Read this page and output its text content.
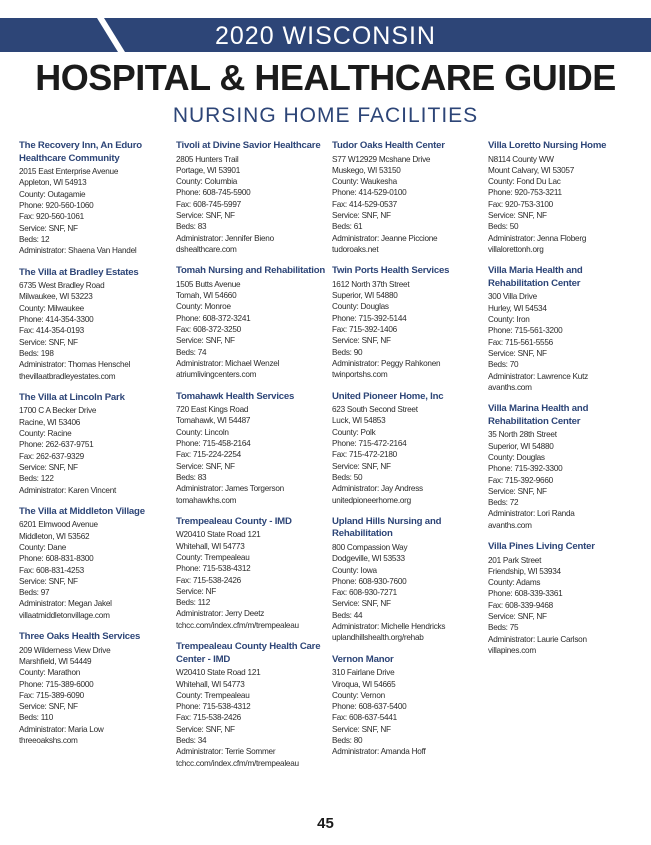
2020 WISCONSIN
HOSPITAL & HEALTHCARE GUIDE
NURSING HOME FACILITIES
The Recovery Inn, An Eduro Healthcare Community
2015 East Enterprise Avenue
Appleton, WI 54913
County: Outagamie
Phone: 920-560-1060
Fax: 920-560-1061
Service: SNF, NF
Beds: 12
Administrator: Shaena Van Handel
The Villa at Bradley Estates
6735 West Bradley Road
Milwaukee, WI 53223
County: Milwaukee
Phone: 414-354-3300
Fax: 414-354-0193
Service: SNF, NF
Beds: 198
Administrator: Thomas Henschel
thevillaatbradleyestates.com
The Villa at Lincoln Park
1700 C A Becker Drive
Racine, WI 53406
County: Racine
Phone: 262-637-9751
Fax: 262-637-9329
Service: SNF, NF
Beds: 122
Administrator: Karen Vincent
The Villa at Middleton Village
6201 Elmwood Avenue
Middleton, WI 53562
County: Dane
Phone: 608-831-8300
Fax: 608-831-4253
Service: SNF, NF
Beds: 97
Administrator: Megan Jakel
villaatmiddletonvillage.com
Three Oaks Health Services
209 Wilderness View Drive
Marshfield, WI 54449
County: Marathon
Phone: 715-389-6000
Fax: 715-389-6090
Service: SNF, NF
Beds: 110
Administrator: Maria Low
threeoakshs.com
Tivoli at Divine Savior Healthcare
2805 Hunters Trail
Portage, WI 53901
County: Columbia
Phone: 608-745-5900
Fax: 608-745-5997
Service: SNF, NF
Beds: 83
Administrator: Jennifer Bieno
dshealthcare.com
Tomah Nursing and Rehabilitation
1505 Butts Avenue
Tomah, WI 54660
County: Monroe
Phone: 608-372-3241
Fax: 608-372-3250
Service: SNF, NF
Beds: 74
Administrator: Michael Wenzel
atriumlivingcenters.com
Tomahawk Health Services
720 East Kings Road
Tomahawk, WI 54487
County: Lincoln
Phone: 715-458-2164
Fax: 715-224-2254
Service: SNF, NF
Beds: 83
Administrator: James Torgerson
tomahawkhs.com
Trempealeau County - IMD
W20410 State Road 121
Whitehall, WI 54773
County: Trempealeau
Phone: 715-538-4312
Fax: 715-538-2426
Service: NF
Beds: 112
Administrator: Jerry Deetz
tchcc.com/index.cfm/m/trempealeau
Trempealeau County Health Care Center - IMD
W20410 State Road 121
Whitehall, WI 54773
County: Trempealeau
Phone: 715-538-4312
Fax: 715-538-2426
Service: SNF, NF
Beds: 34
Administrator: Terrie Sommer
tchcc.com/index.cfm/m/trempealeau
Tudor Oaks Health Center
S77 W12929 Mcshane Drive
Muskego, WI 53150
County: Waukesha
Phone: 414-529-0100
Fax: 414-529-0537
Service: SNF, NF
Beds: 61
Administrator: Jeanne Piccione
tudoroaks.net
Twin Ports Health Services
1612 North 37th Street
Superior, WI 54880
County: Douglas
Phone: 715-392-5144
Fax: 715-392-1406
Service: SNF, NF
Beds: 90
Administrator: Peggy Rahkonen
twinportshs.com
United Pioneer Home, Inc
623 South Second Street
Luck, WI 54853
County: Polk
Phone: 715-472-2164
Fax: 715-472-2180
Service: SNF, NF
Beds: 50
Administrator: Jay Andress
unitedpioneerhome.org
Upland Hills Nursing and Rehabilitation
800 Compassion Way
Dodgeville, WI 53533
County: Iowa
Phone: 608-930-7600
Fax: 608-930-7271
Service: SNF, NF
Beds: 44
Administrator: Michelle Hendricks
uplandhillshealth.org/rehab
Vernon Manor
310 Fairlane Drive
Viroqua, WI 54665
County: Vernon
Phone: 608-637-5400
Fax: 608-637-5441
Service: SNF, NF
Beds: 80
Administrator: Amanda Hoff
Villa Loretto Nursing Home
N8114 County WW
Mount Calvary, WI 53057
County: Fond Du Lac
Phone: 920-753-3211
Fax: 920-753-3100
Service: SNF, NF
Beds: 50
Administrator: Jenna Floberg
villalorettonh.org
Villa Maria Health and Rehabilitation Center
300 Villa Drive
Hurley, WI 54534
County: Iron
Phone: 715-561-3200
Fax: 715-561-5556
Service: SNF, NF
Beds: 70
Administrator: Lawrence Kutz
avanths.com
Villa Marina Health and Rehabilitation Center
35 North 28th Street
Superior, WI 54880
County: Douglas
Phone: 715-392-3300
Fax: 715-392-9660
Service: SNF, NF
Beds: 72
Administrator: Lori Randa
avanths.com
Villa Pines Living Center
201 Park Street
Friendship, WI 53934
County: Adams
Phone: 608-339-3361
Fax: 608-339-9468
Service: SNF, NF
Beds: 75
Administrator: Laurie Carlson
villapines.com
45
